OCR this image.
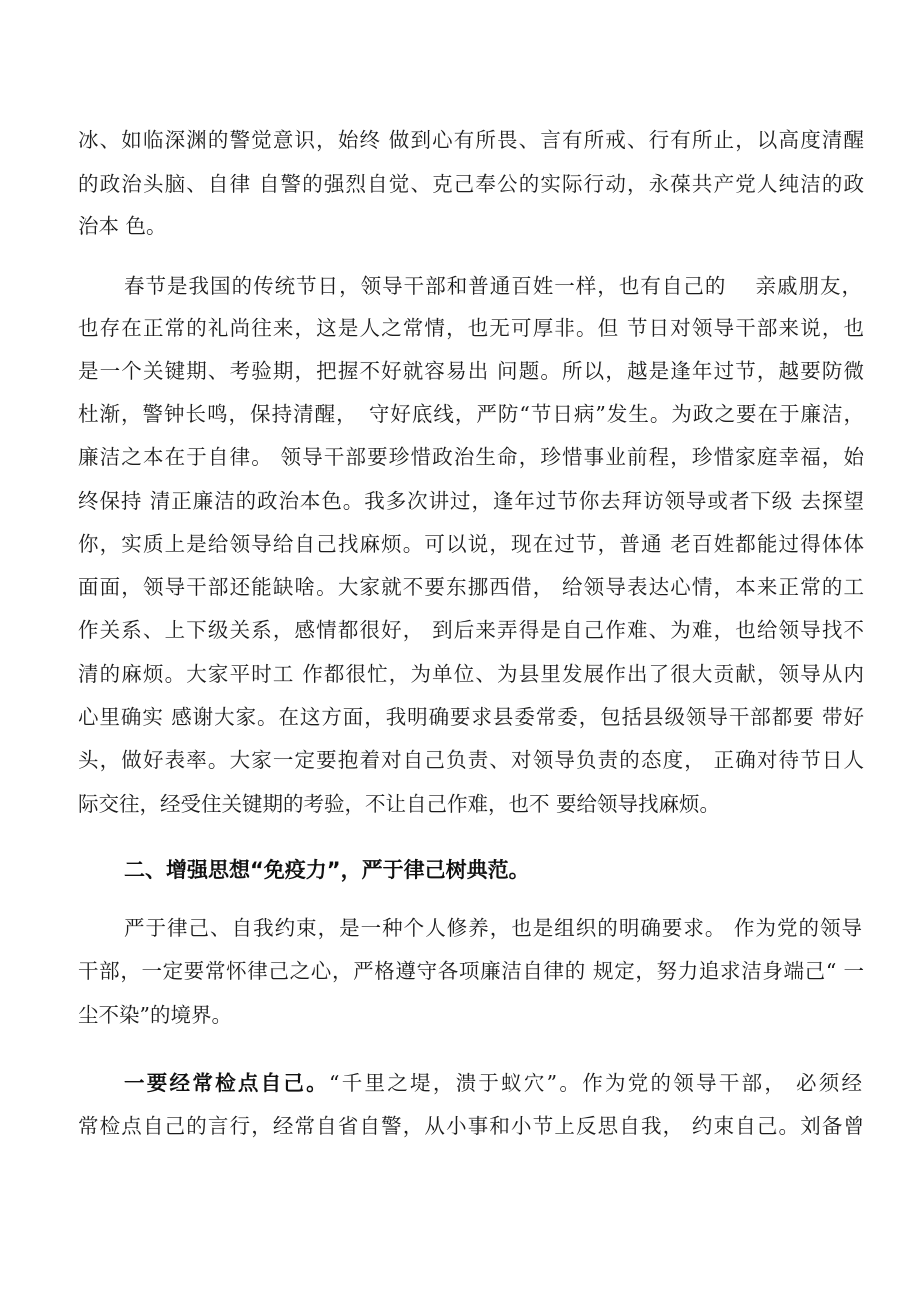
冰、如临深渊的警觉意识，始终 做到心有所畏、言有所戒、行有所止，以高度清醒

的政治头脑、自律 自警的强烈自觉、克己奉公的实际行动，永葆共产党人纯洁的政

治本 色。

春节是我国的传统节日，领导干部和普通百姓一样，也有自己的　 亲戚朋友，

也存在正常的礼尚往来，这是人之常情，也无可厚非。但 节日对领导干部来说，也

是一个关键期、考验期，把握不好就容易出 问题。所以，越是逢年过节，越要防微

杜渐，警钟长鸣，保持清醒，　守好底线，严防“节日病”发生。为政之要在于廉洁，

廉洁之本在于自律。 领导干部要珍惜政治生命，珍惜事业前程，珍惜家庭幸福，始

终保持 清正廉洁的政治本色。我多次讲过，逢年过节你去拜访领导或者下级 去探望

你，实质上是给领导给自己找麻烦。可以说，现在过节，普通 老百姓都能过得体体

面面，领导干部还能缺啥。大家就不要东挪西借， 给领导表达心情，本来正常的工

作关系、上下级关系，感情都很好， 到后来弄得是自己作难、为难，也给领导找不

清的麻烦。大家平时工 作都很忙，为单位、为县里发展作出了很大贡献，领导从内

心里确实 感谢大家。在这方面，我明确要求县委常委，包括县级领导干部都要 带好

头，做好表率。大家一定要抱着对自己负责、对领导负责的态度， 正确对待节日人

际交往，经受住关键期的考验，不让自己作难，也不 要给领导找麻烦。

二、增强思想“免疫力”，严于律己树典范。

严于律己、自我约束，是一种个人修养，也是组织的明确要求。 作为党的领导

干部，一定要常怀律己之心，严格遵守各项廉洁自律的 规定，努力追求洁身端己“ 一

尘不染”的境界。

一要经常检点自己。“千里之堤，溃于蚁穴”。作为党的领导干部， 必须经

常检点自己的言行，经常自省自警，从小事和小节上反思自我， 约束自己。刘备曾
